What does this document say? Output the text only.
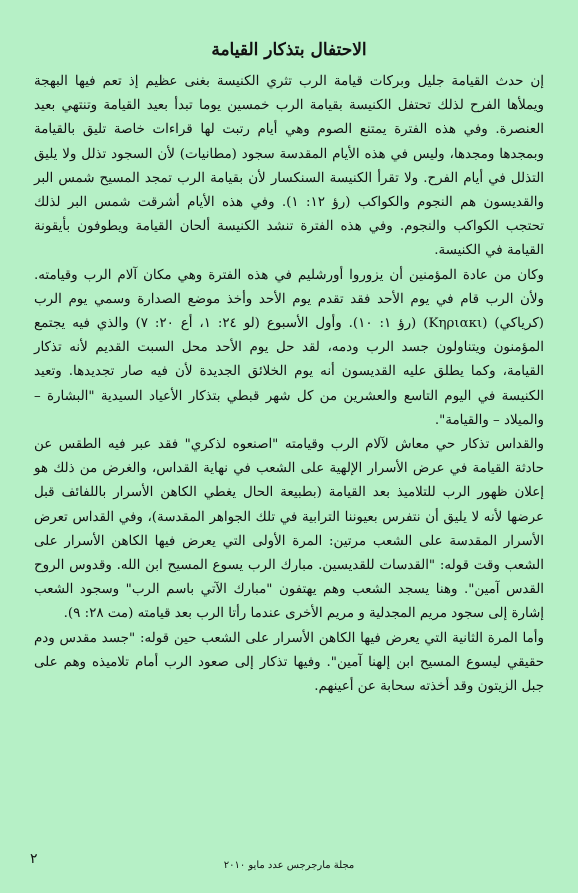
الاحتفال بتذكار القيامة

إن حدث القيامة جليل وبركات قيامة الرب تثري الكنيسة بغنى عظيم إذ تعم فيها البهجة ويملأها الفرح لذلك تحتفل الكنيسة بقيامة الرب خمسين يوما تبدأ بعيد القيامة وتنتهي بعيد العنصرة. وفي هذه الفترة يمتنع الصوم وهي أيام رتبت لها قراءات خاصة تليق بالقيامة وبمجدها ومجدها، وليس في هذه الأيام المقدسة سجود (مطانيات) لأن السجود تذلل ولا يليق التذلل في أيام الفرح. ولا تقرأ الكنيسة السنكسار لأن بقيامة الرب تمجد المسيح شمس البر والقديسون هم النجوم والكواكب (رؤ ١٢: ١). وفي هذه الأيام أشرقت شمس البر لذلك تحتجب الكواكب والنجوم. وفي هذه الفترة تنشد الكنيسة ألحان القيامة ويطوفون بأيقونة القيامة في الكنيسة.

وكان من عادة المؤمنين أن يزوروا أورشليم في هذه الفترة وهي مكان آلام الرب وقيامته. ولأن الرب قام في يوم الأحد فقد تقدم يوم الأحد وأخذ موضع الصدارة وسمي يوم الرب (كرياكي) (Κηριακι) (رؤ ١: ١٠). وأول الأسبوع (لو ٢٤: ١، أع ٢٠: ٧) والذي فيه يجتمع المؤمنون ويتناولون جسد الرب ودمه، لقد حل يوم الأحد محل السبت القديم لأنه تذكار القيامة، وكما يطلق عليه القديسون أنه يوم الخلائق الجديدة لأن فيه صار تجديدها. وتعيد الكنيسة في اليوم التاسع والعشرين من كل شهر قبطي بتذكار الأعياد السيدية "البشارة –والميلاد – والقيامة".

والقداس تذكار حي معاش لآلام الرب وقيامته "اصنعوه لذكري" فقد عبر فيه الطقس عن حادثة القيامة في عرض الأسرار الإلهية على الشعب في نهاية القداس، والغرض من ذلك هو إعلان ظهور الرب للتلاميذ بعد القيامة (بطبيعة الحال يغطي الكاهن الأسرار باللفائف قبل عرضها لأنه لا يليق أن نتفرس بعيوننا الترابية في تلك الجواهر المقدسة)، وفي القداس تعرض الأسرار المقدسة على الشعب مرتين: المرة الأولى التي يعرض فيها الكاهن الأسرار على الشعب وقت قوله: "القدسات للقديسين. مبارك الرب يسوع المسيح ابن الله. وقدوس الروح القدس آمين". وهنا يسجد الشعب وهم يهتفون "مبارك الآتي باسم الرب" وسجود الشعب إشارة إلى سجود مريم المجدلية و مريم الأخرى عندما رأتا الرب بعد قيامته (مت ٢٨: ٩).

وأما المرة الثانية التي يعرض فيها الكاهن الأسرار على الشعب حين قوله: "جسد مقدس ودم حقيقي ليسوع المسيح ابن إلهنا آمين". وفيها تذكار إلى صعود الرب أمام تلاميذه وهم على جبل الزيتون وقد أخذته سحابة عن أعينهم.

٢	مجلة مارجرجس عدد مايو ٢٠١٠
